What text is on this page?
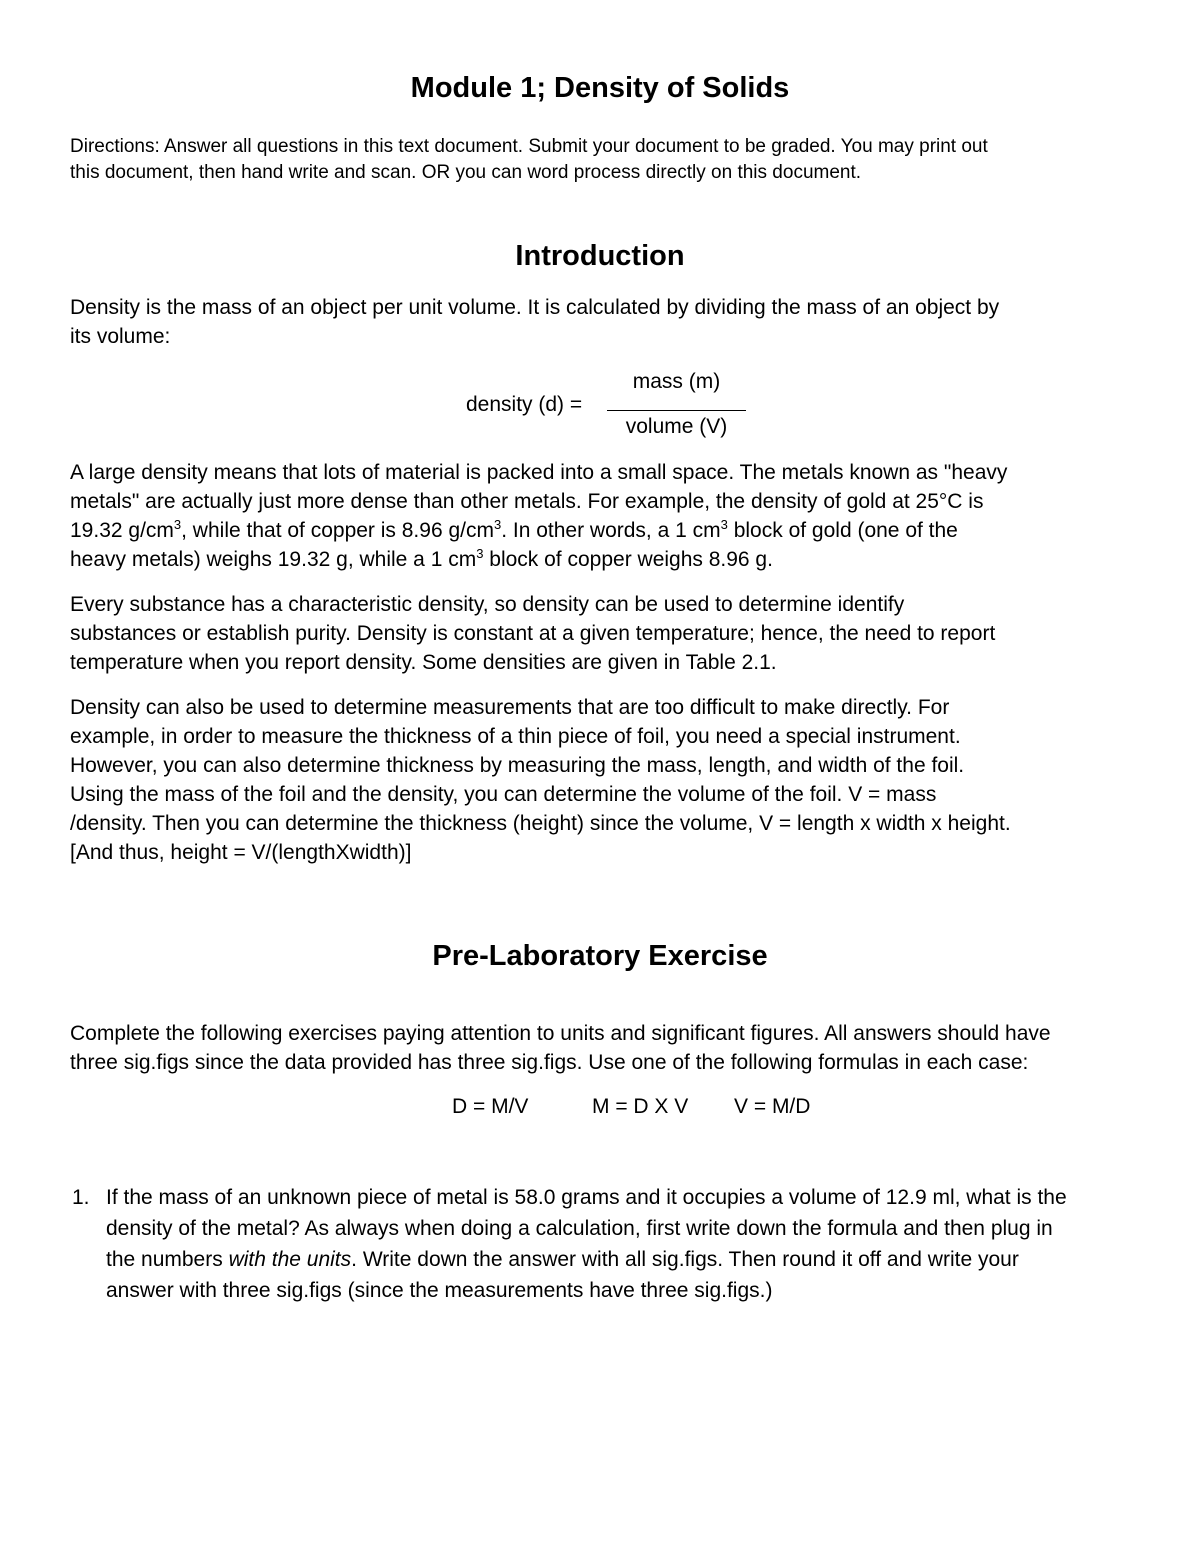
Module 1; Density of Solids
Directions: Answer all questions in this text document. Submit your document to be graded. You may print out
this document, then hand write and scan. OR you can word process directly on this document.
Introduction
Density is the mass of an object per unit volume. It is calculated by dividing the mass of an object by
its volume:
density (d) =
mass (m)
volume (V)
A large density means that lots of material is packed into a small space. The metals known as "heavy
metals" are actually just more dense than other metals. For example, the density of gold at 25°C is
19.32 $g/cm^3$, while that of copper is 8.96 $g/cm^3$. In other words, a 1 $cm^3$ block of gold (one of the
heavy metals) weighs 19.32 g, while a 1 $cm^3$ block of copper weighs 8.96 g.
Every substance has a characteristic density, so density can be used to determine identify
substances or establish purity. Density is constant at a given temperature; hence, the need to report
temperature when you report density. Some densities are given in Table 2.1.
Density can also be used to determine measurements that are too difficult to make directly. For
example, in order to measure the thickness of a thin piece of foil, you need a special instrument.
However, you can also determine thickness by measuring the mass, length, and width of the foil.
Using the mass of the foil and the density, you can determine the volume of the foil. V = mass
/density. Then you can determine the thickness (height) since the volume, V = length x width x height.
[And thus, height = V/(lengthXwidth)]
Pre-Laboratory Exercise
Complete the following exercises paying attention to units and significant figures. All answers should have
three sig.figs since the data provided has three sig.figs. Use one of the following formulas in each case:
D = M/V	M = D X V V = M/D
1. If the mass of an unknown piece of metal is 58.0 grams and it occupies a volume of 12.9 ml, what is the
density of the metal? As always when doing a calculation, first write down the formula and then plug in
the numbers with the units. Write down the answer with all sig.figs. Then round it off and write your
answer with three sig.figs (since the measurements have three sig.figs.)
